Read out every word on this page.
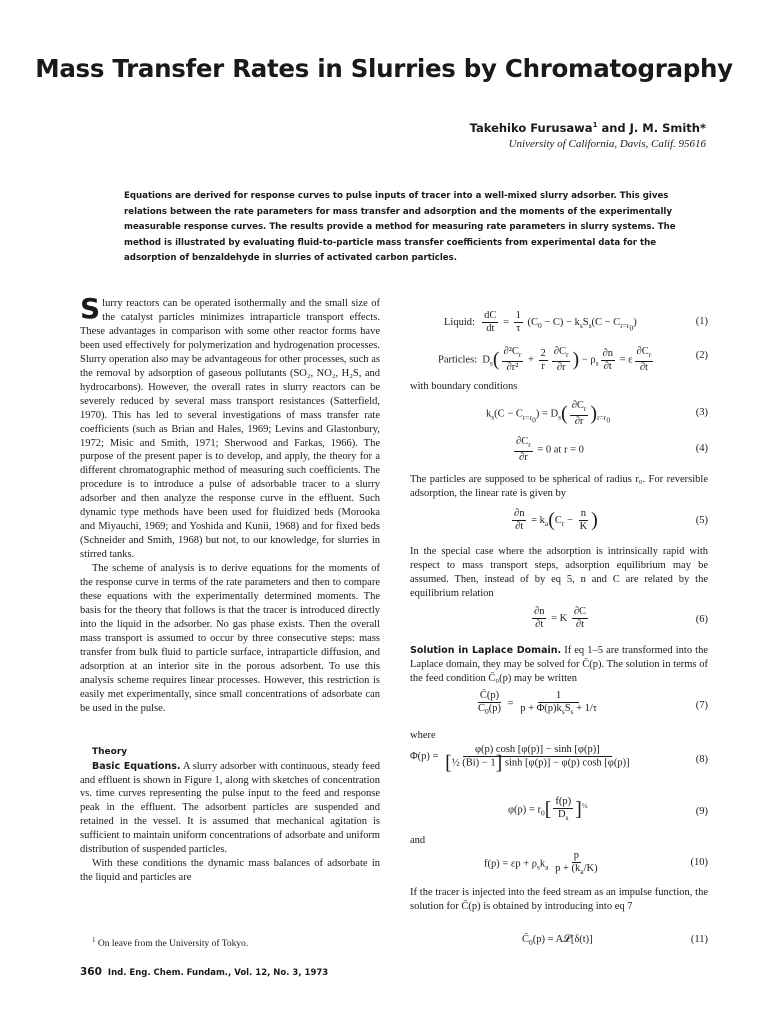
Mass Transfer Rates in Slurries by Chromatography
Takehiko Furusawa$^1$ and J. M. Smith*
University of California, Davis, Calif. 95616
Equations are derived for response curves to pulse inputs of tracer into a well-mixed slurry adsorber. This gives relations between the rate parameters for mass transfer and adsorption and the moments of the experimentally measurable response curves. The results provide a method for measuring rate parameters in slurry systems. The method is illustrated by evaluating fluid-to-particle mass transfer coefficients from experimental data for the adsorption of benzaldehyde in slurries of activated carbon particles.

Slurry reactors can be operated isothermally and the small size of the catalyst particles minimizes intraparticle transport effects. These advantages in comparison with some other reactor forms have been used effectively for polymerization and hydrogenation processes. Slurry operation also may be advantageous for other processes, such as the removal by adsorption of gaseous pollutants (SO₂, NO₂, H₂S, and hydrocarbons). However, the overall rates in slurry reactors can be severely reduced by several mass transport resistances (Satterfield, 1970). This has led to several investigations of mass transfer rate coefficients (such as Brian and Hales, 1969; Levins and Glastonbury, 1972; Misic and Smith, 1971; Sherwood and Farkas, 1966). The purpose of the present paper is to develop, and apply, the theory for a different chromatographic method of measuring such coefficients. The procedure is to introduce a pulse of adsorbable tracer to a slurry adsorber and then analyze the response curve in the effluent. Such dynamic type methods have been used for fluidized beds (Morooka and Miyauchi, 1969; and Yoshida and Kunii, 1968) and for fixed beds (Schneider and Smith, 1968) but not, to our knowledge, for slurries in stirred tanks.

The scheme of analysis is to derive equations for the moments of the response curve in terms of the rate parameters and then to compare these equations with the experimentally determined moments. The basis for the theory that follows is that the tracer is introduced directly into the liquid in the adsorber. No gas phase exists. Then the overall mass transport is assumed to occur by three consecutive steps: mass transfer from bulk fluid to particle surface, intraparticle diffusion, and adsorption at an interior site in the porous adsorbent. To use this analysis scheme requires linear processes. However, this restriction is easily met experimentally, since small concentrations of adsorbate can be used in the pulse.

Theory

Basic Equations. A slurry adsorber with continuous, steady feed and effluent is shown in Figure 1, along with sketches of concentration vs. time curves representing the pulse input to the feed and response peak in the effluent. The adsorbent particles are suspended and retained in the vessel. It is assumed that mechanical agitation is sufficient to maintain uniform concentrations of adsorbate and uniform distribution of suspended particles.

With these conditions the dynamic mass balances of adsorbate in the liquid and particles are

$^1$ On leave from the University of Tokyo.
360 Ind. Eng. Chem. Fundam., Vol. 12, No. 3, 1973
Liquid: $\frac{dC}{dt} = \frac{1}{\tau} (C_0 - C) - k_sS_s(C - C_{r=r_0})$	(1)
Particles:  $D_s( \frac{\partial^2C_r}{\text{∂r²}} + \frac{2}{r} \frac{\partial C_r}{\partial r}$ ) − $\rho_s \frac{\partial n}{\partial t} = \varepsilon \frac{\partial C_r}{\partial t}$	(2)
with boundary conditions
$k_s(C - C_{r=r_0}) = D_s( \frac{\partial C_r}{\partial r} )_{r=r_0}$
(3)
$\frac{\partial C_r}{\partial r} = 0$ at r = 0	(4)
The particles are supposed to be spherical of radius r₀. For reversible adsorption, the linear rate is given by
$\frac{\partial n}{\partial t} = k_a(C_r - \frac{n}{K}$ )	(5)
In the special case where the adsorption is intrinsically rapid with respect to mass transport steps, adsorption equilibrium may be assumed. Then, instead of by eq 5, n and C are related by the equilibrium relation
$\frac{\partial n}{\partial t} = K \frac{\partial C}{\partial t}$	(6)
Solution in Laplace Domain. If eq 1–5 are transformed into the Laplace domain, they may be solved for C̄(p). The solution in terms of the feed condition C̄₀(p) may be written
$\frac{C̄(p)}{C̄_0(p)} = \frac{1}{p + \Phi(p)k_sS_s + 1/\tau}$	(7)
where
$\Phi(p) = \frac{\varphi(p) \cosh [\varphi(p)] - \sinh [\varphi(p)]}{\text{[½ (Bi) − 1] sinh [φ(p)] − φ(p) cosh [φ(p)]}}$	(8)
$\varphi(p) = r_0[ \frac{f(p)}{D_s} ]^{\frac{1}{2}}$
(9)
and
$f(p) = \varepsilon p + \rho_sk_a \frac{p}{p + (k_a/K)}$	(10)
If the tracer is injected into the feed stream as an impulse function, the solution for C̄(p) is obtained by introducing into eq 7
$C̄_0(p)$ = A𝓛[δ(t)]	(11)
